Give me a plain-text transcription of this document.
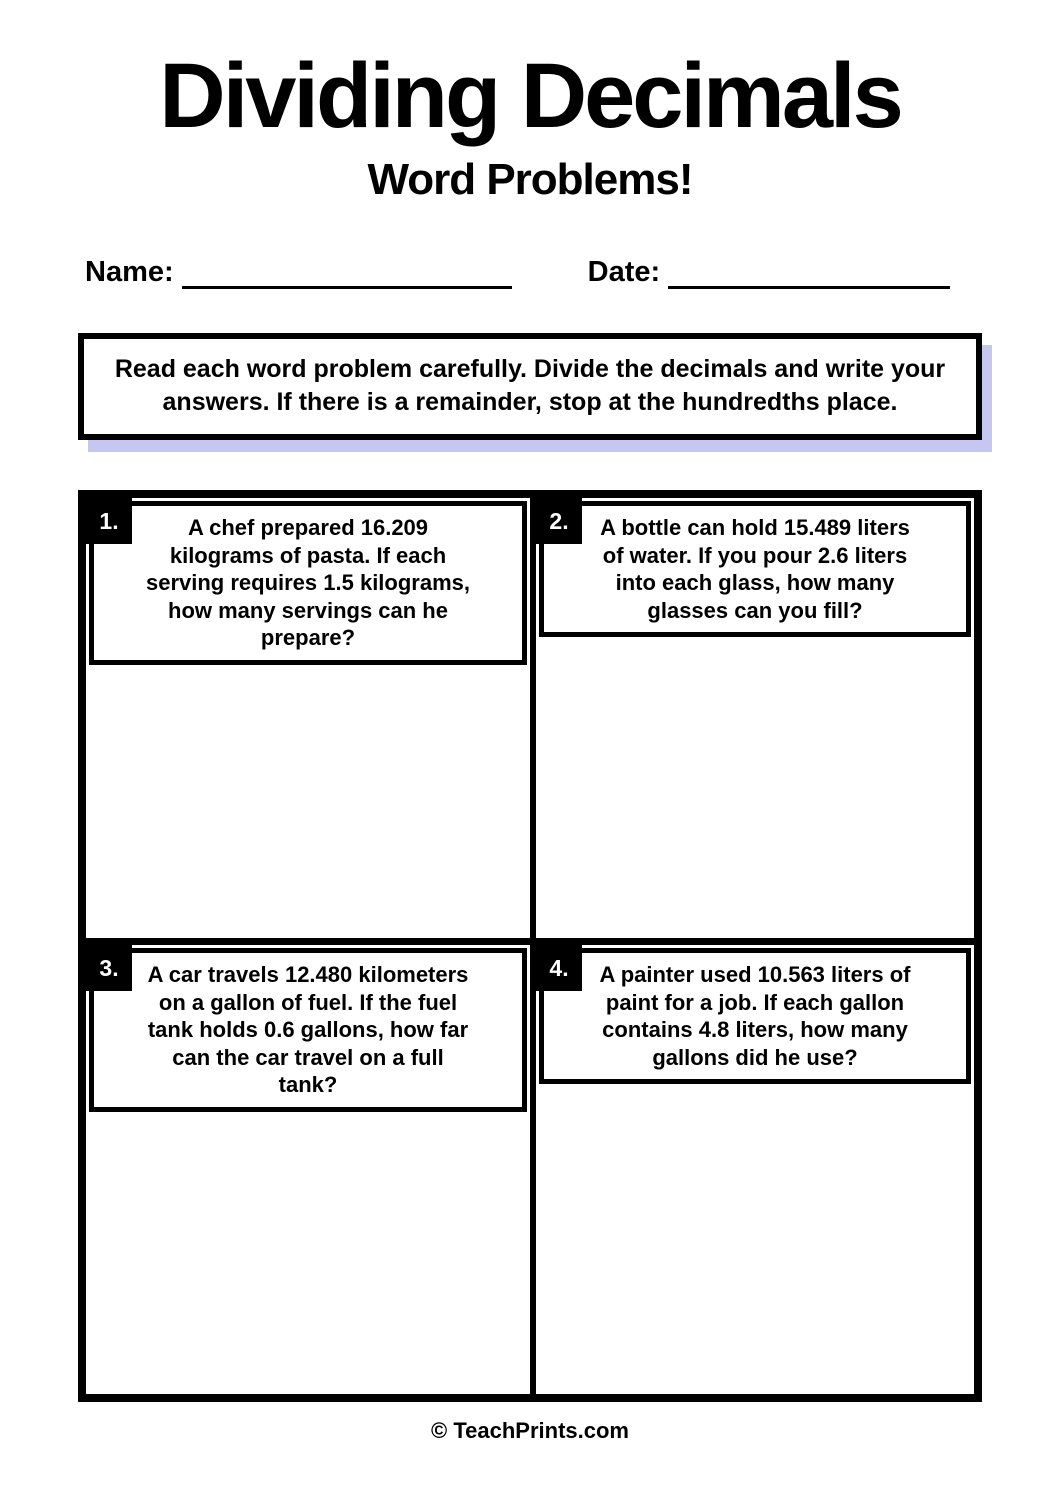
Dividing Decimals
Word Problems!
Name:	Date:
Read each word problem carefully. Divide the decimals and write your answers. If there is a remainder, stop at the hundredths place.
1.	A chef prepared 16.209 kilograms of pasta. If each serving requires 1.5 kilograms, how many servings can he prepare?
2.	A bottle can hold 15.489 liters of water. If you pour 2.6 liters into each glass, how many glasses can you fill?
3.	A car travels 12.480 kilometers on a gallon of fuel. If the fuel tank holds 0.6 gallons, how far can the car travel on a full tank?
4.	A painter used 10.563 liters of paint for a job. If each gallon contains 4.8 liters, how many gallons did he use?
© TeachPrints.com
